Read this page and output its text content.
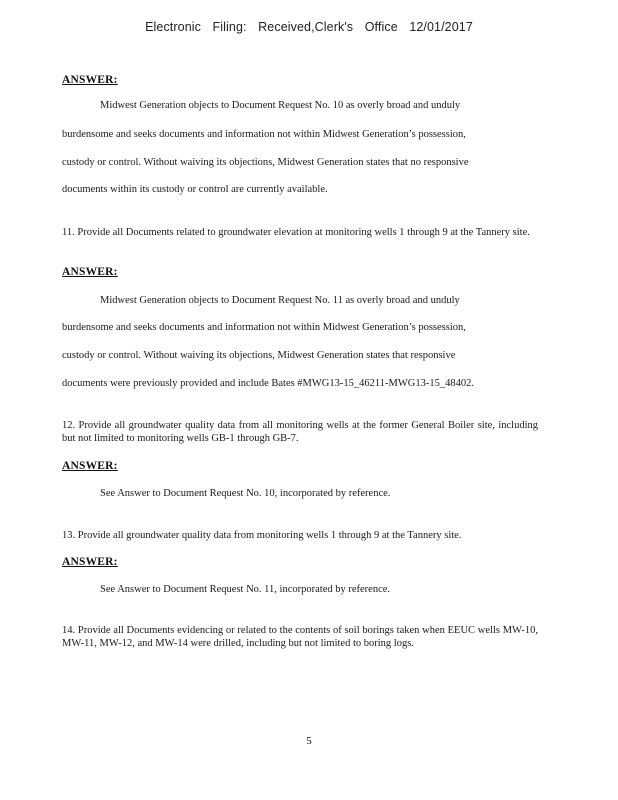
Electronic Filing: Received,Clerk's Office 12/01/2017
ANSWER:
Midwest Generation objects to Document Request No. 10 as overly broad and unduly
burdensome and seeks documents and information not within Midwest Generation’s possession,
custody or control. Without waiving its objections, Midwest Generation states that no responsive
documents within its custody or control are currently available.
11. Provide all Documents related to groundwater elevation at monitoring wells 1 through 9 at the Tannery site.
ANSWER:
Midwest Generation objects to Document Request No. 11 as overly broad and unduly
burdensome and seeks documents and information not within Midwest Generation’s possession,
custody or control. Without waiving its objections, Midwest Generation states that responsive
documents were previously provided and include Bates #MWG13-15_46211-MWG13-15_48402.
12. Provide all groundwater quality data from all monitoring wells at the former General Boiler site, including but not limited to monitoring wells GB-1 through GB-7.
ANSWER:
See Answer to Document Request No. 10, incorporated by reference.
13. Provide all groundwater quality data from monitoring wells 1 through 9 at the Tannery site.
ANSWER:
See Answer to Document Request No. 11, incorporated by reference.
14. Provide all Documents evidencing or related to the contents of soil borings taken when EEUC wells MW-10, MW-11, MW-12, and MW-14 were drilled, including but not limited to boring logs.
5
